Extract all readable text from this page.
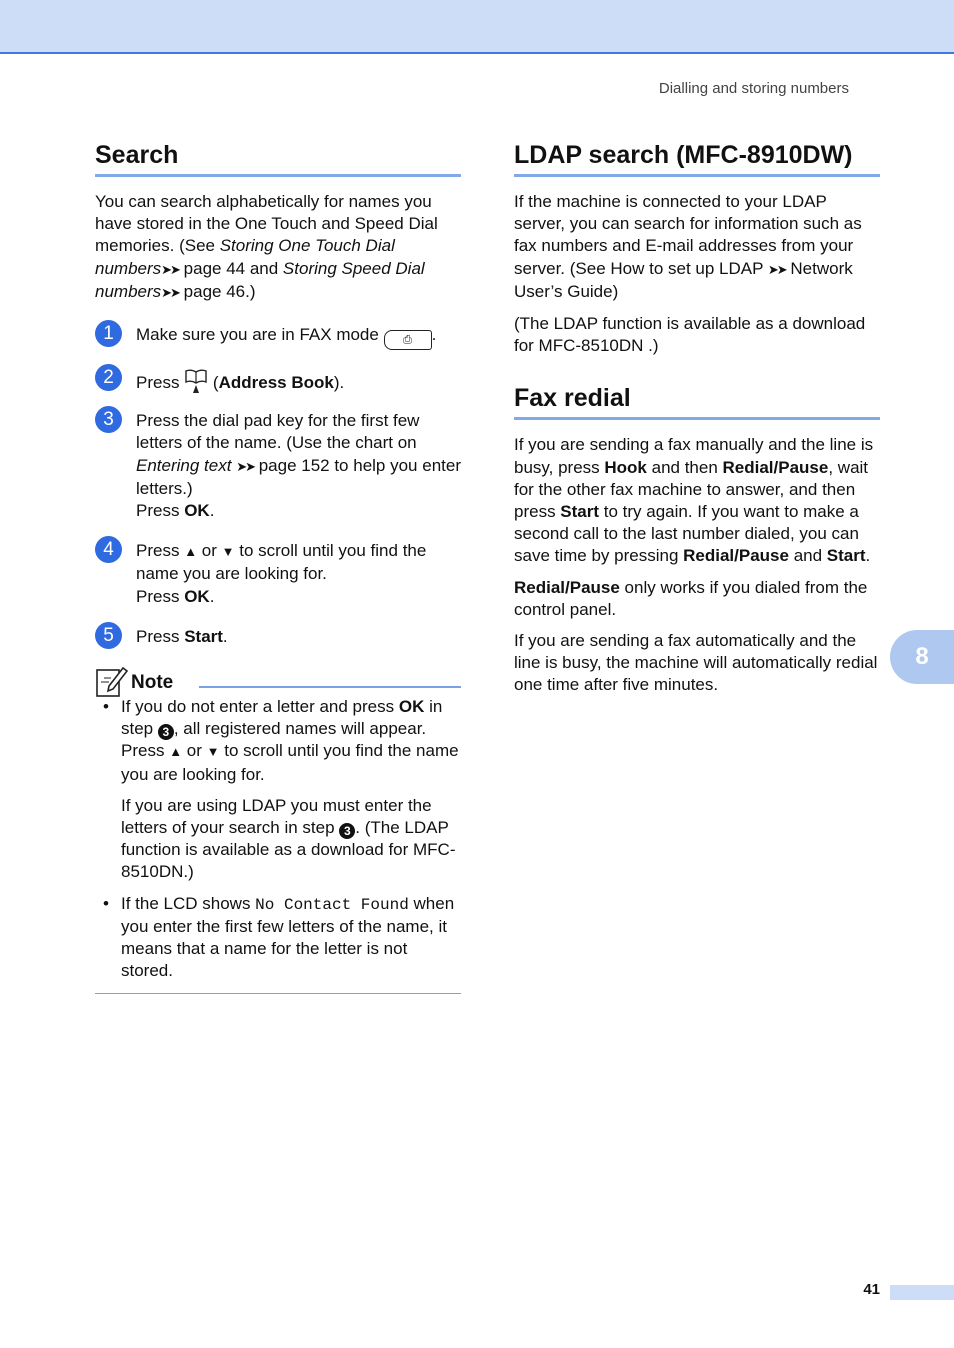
Dialling and storing numbers
Search

You can search alphabetically for names you have stored in the One Touch and Speed Dial memories. (See Storing One Touch Dial numbers➤➤ page 44 and Storing Speed Dial numbers➤➤ page 46.)

1	Make sure you are in FAX mode ⎙ .
2	Press  (Address Book).
3	Press the dial pad key for the first few letters of the name. (Use the chart on Entering text ➤➤ page 152 to help you enter letters.)
Press OK.
4	Press ▲ or ▼ to scroll until you find the name you are looking for.
Press OK.
5	Press Start.
Note
• If you do not enter a letter and press OK in step 3 , all registered names will appear. Press ▲ or ▼ to scroll until you find the name you are looking for.
If you are using LDAP you must enter the letters of your search in step 3 . (The LDAP function is available as a download for MFC-8510DN.)
• If the LCD shows No Contact Found when you enter the first few letters of the name, it means that a name for the letter is not stored.
LDAP search (MFC-8910DW)

If the machine is connected to your LDAP server, you can search for information such as fax numbers and E-mail addresses from your server. (See How to set up LDAP ➤➤ Network User’s Guide)

(The LDAP function is available as a download for MFC-8510DN .)

Fax redial

If you are sending a fax manually and the line is busy, press Hook and then Redial/Pause, wait for the other fax machine to answer, and then press Start to try again. If you want to make a second call to the last number dialed, you can save time by pressing Redial/Pause and Start.

Redial/Pause only works if you dialed from the control panel.

If you are sending a fax automatically and the line is busy, the machine will automatically redial one time after five minutes.

8
41
